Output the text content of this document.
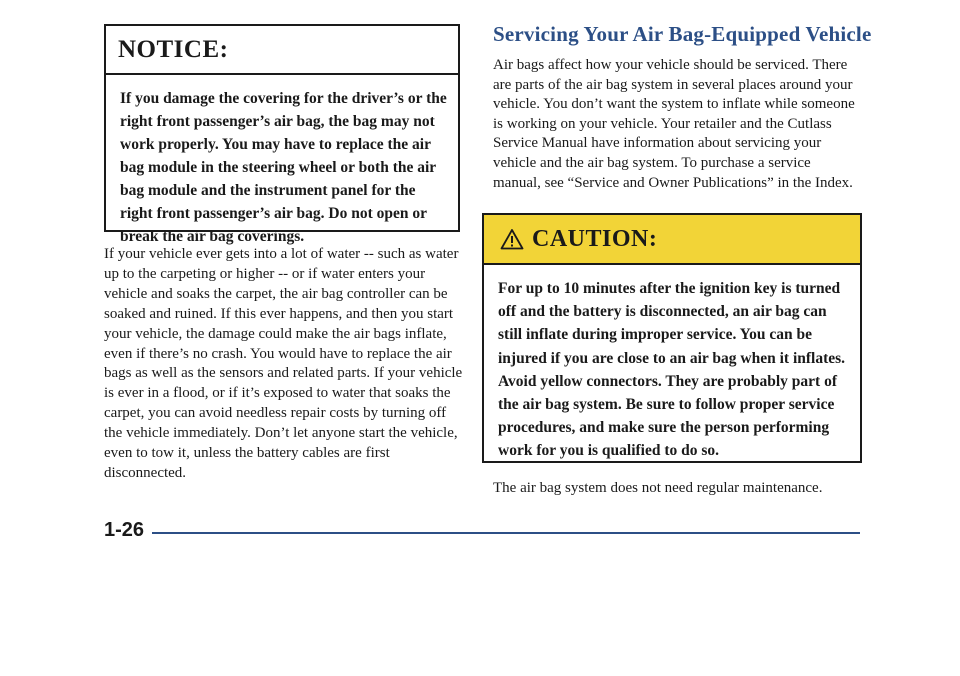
NOTICE:
If you damage the covering for the driver’s or the right front passenger’s air bag, the bag may not work properly. You may have to replace the air bag module in the steering wheel or both the air bag module and the instrument panel for the right front passenger’s air bag. Do not open or break the air bag coverings.
If your vehicle ever gets into a lot of water -- such as water up to the carpeting or higher -- or if water enters your vehicle and soaks the carpet, the air bag controller can be soaked and ruined. If this ever happens, and then you start your vehicle, the damage could make the air bags inflate, even if there’s no crash. You would have to replace the air bags as well as the sensors and related parts. If your vehicle is ever in a flood, or if it’s exposed to water that soaks the carpet, you can avoid needless repair costs by turning off the vehicle immediately. Don’t let anyone start the vehicle, even to tow it, unless the battery cables are first disconnected.
Servicing Your Air Bag-Equipped Vehicle
Air bags affect how your vehicle should be serviced. There are parts of the air bag system in several places around your vehicle. You don’t want the system to inflate while someone is working on your vehicle. Your retailer and the Cutlass Service Manual have information about servicing your vehicle and the air bag system. To purchase a service manual, see “Service and Owner Publications” in the Index.
CAUTION:
For up to 10 minutes after the ignition key is turned off and the battery is disconnected, an air bag can still inflate during improper service. You can be injured if you are close to an air bag when it inflates. Avoid yellow connectors. They are probably part of the air bag system. Be sure to follow proper service procedures, and make sure the person performing work for you is qualified to do so.
The air bag system does not need regular maintenance.
1-26
